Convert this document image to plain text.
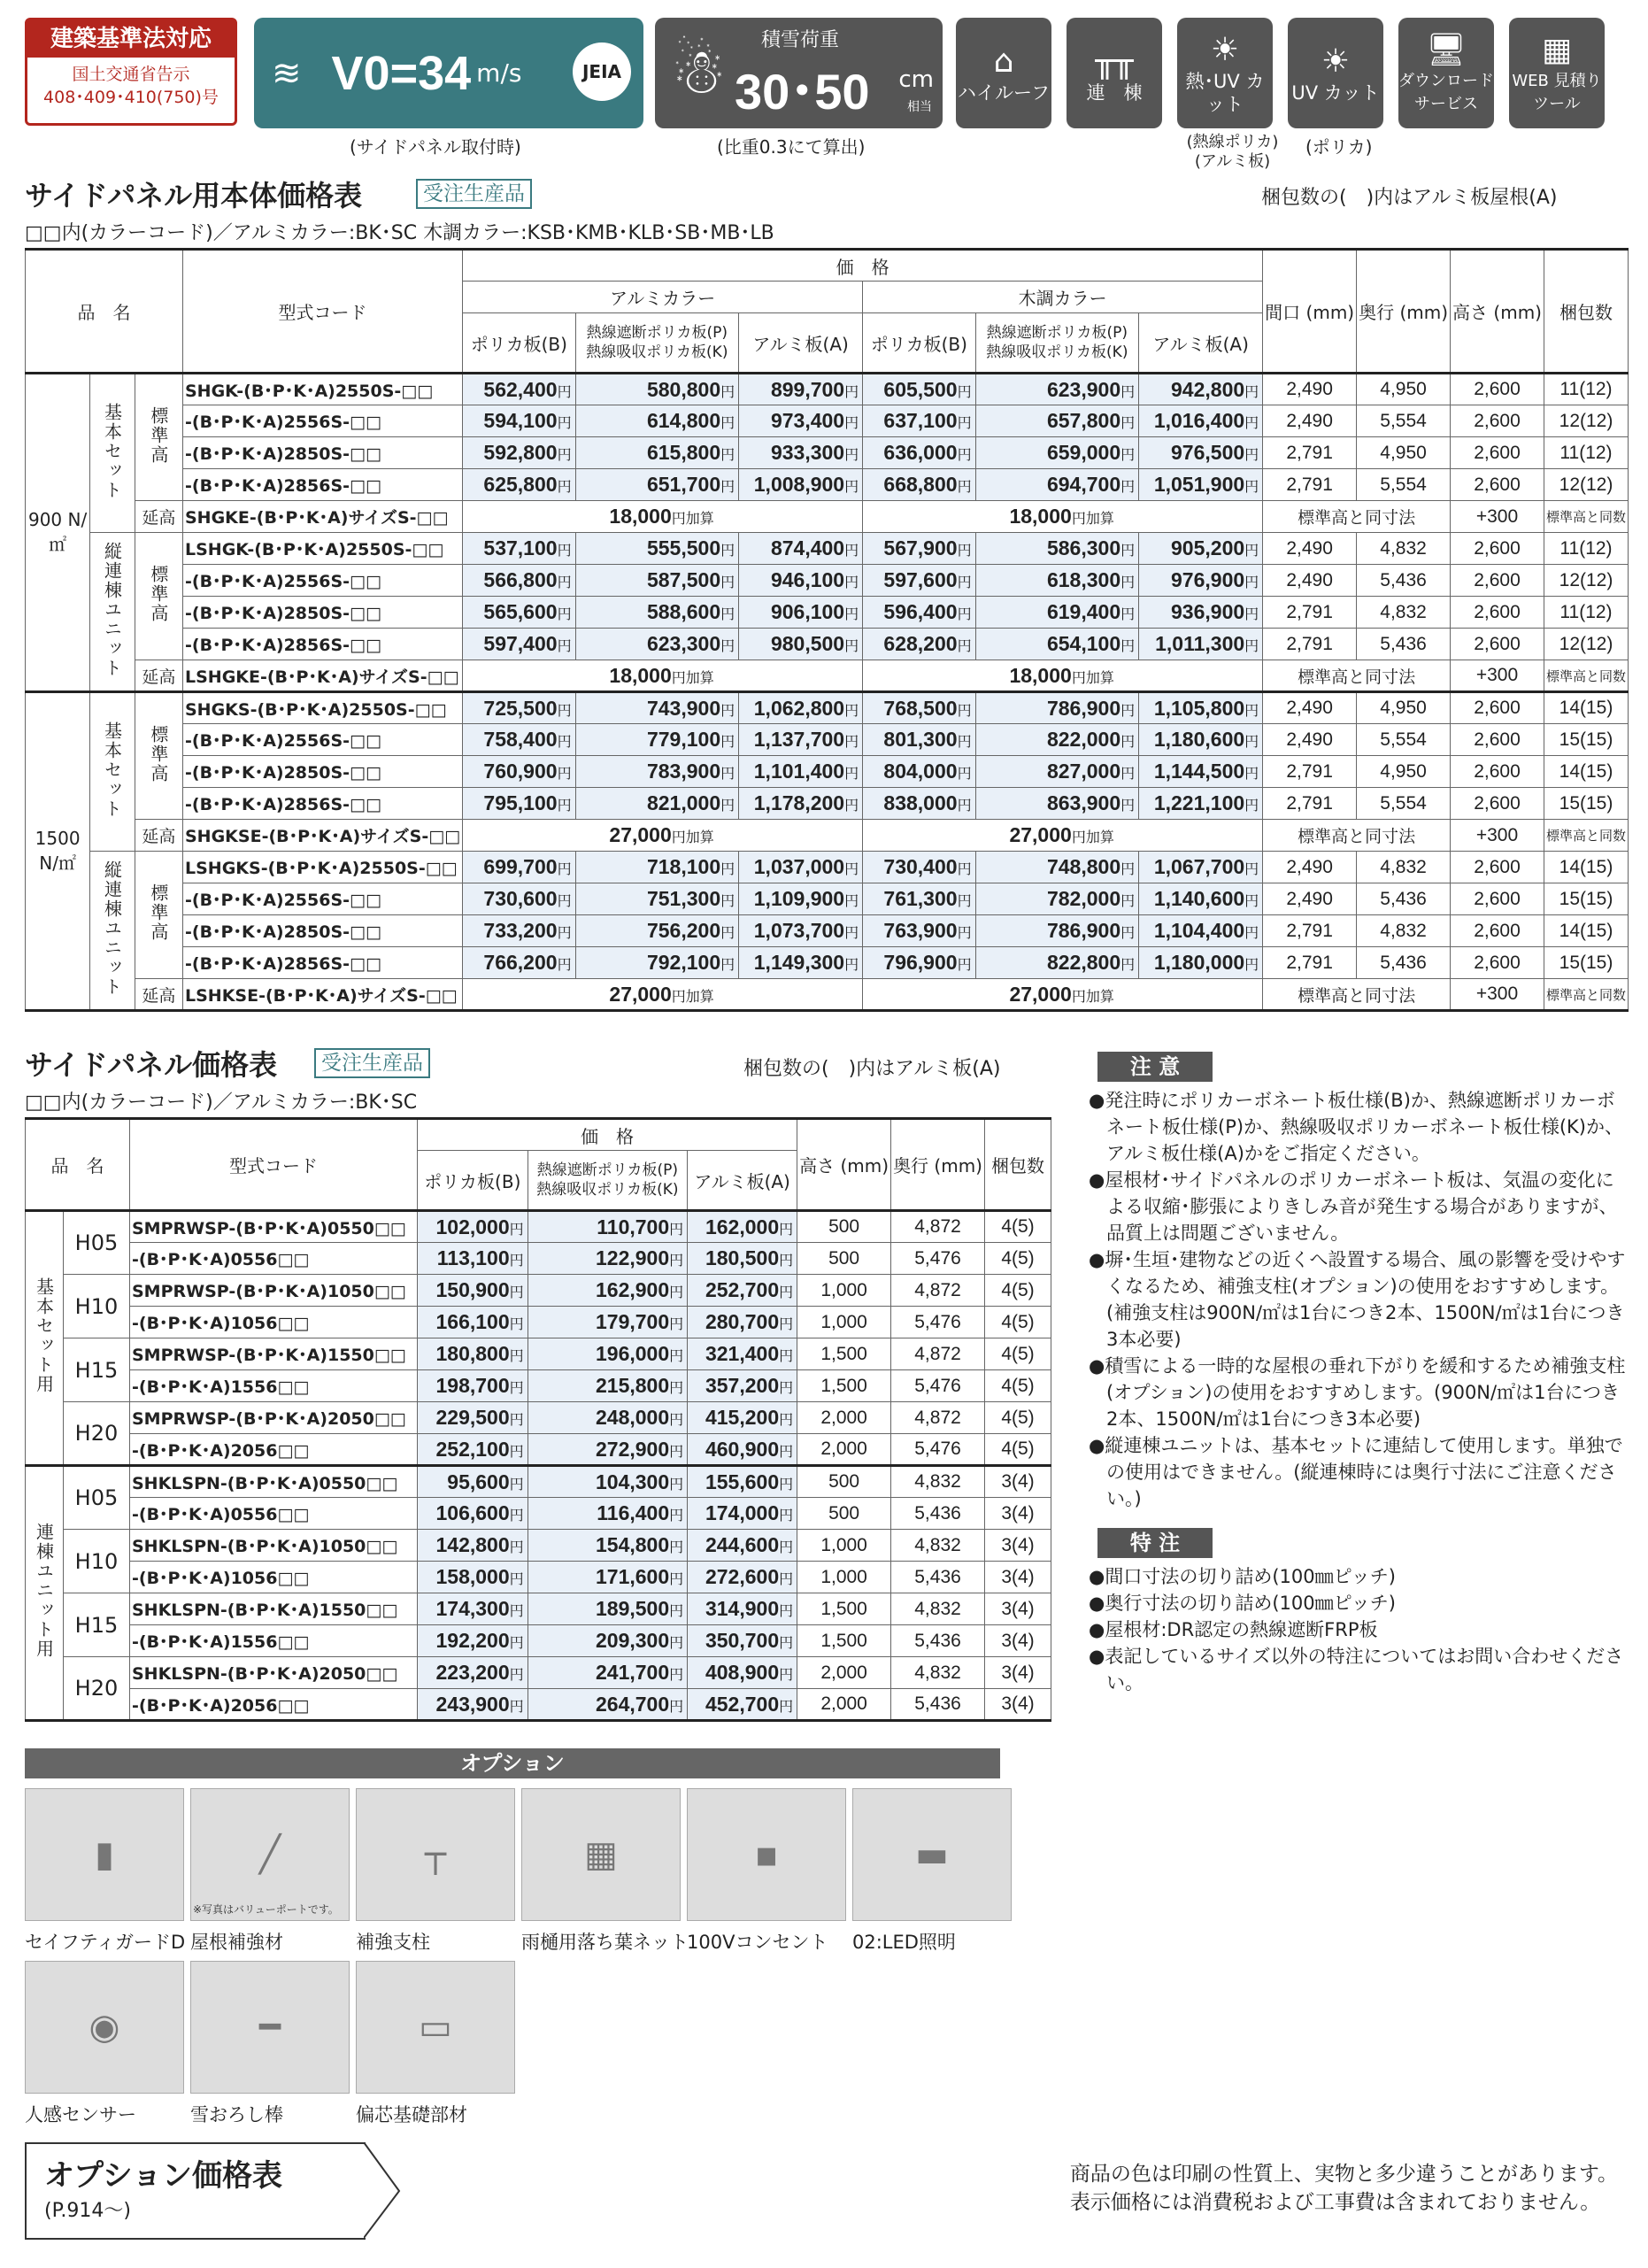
建築基準法対応
国土交通省告示
408･409･410(750)号
≋ V0=34 m/s	JEIA
(サイドパネル取付時)
☃ 積雪荷重
30･50 cm
相当
(比重0.3にて算出)
⌂
ハイルーフ
╥╥
連　棟
☀
熱･UV カット
☀
UV カット
🖥
ダウンロード サービス
▦
WEB 見積りツール
(熱線ポリカ)(アルミ板)
(ポリカ)
サイドパネル用本体価格表	受注生産品	梱包数の(　)内はアルミ板屋根(A)
□□内(カラーコード)／アルミカラー:BK･SC 木調カラー:KSB･KMB･KLB･SB･MB･LB
品　名			型式コード	価　格						間口 (mm)	奥行 (mm)	高さ (mm)	梱包数
				アルミカラー			木調カラー						
				ポリカ板(B)	熱線遮断ポリカ板(P)
熱線吸収ポリカ板(K)	アルミ板(A)	ポリカ板(B)	熱線遮断ポリカ板(P)
熱線吸収ポリカ板(K)	アルミ板(A)				
900 N/㎡	基本セット	標準高	SHGK-(B･P･K･A)2550S-□□	562,400円	580,800円	899,700円	605,500円	623,900円	942,800円	2,490	4,950	2,600	11(12)
			-(B･P･K･A)2556S-□□	594,100円	614,800円	973,400円	637,100円	657,800円	1,016,400円	2,490	5,554	2,600	12(12)
			-(B･P･K･A)2850S-□□	592,800円	615,800円	933,300円	636,000円	659,000円	976,500円	2,791	4,950	2,600	11(12)
			-(B･P･K･A)2856S-□□	625,800円	651,700円	1,008,900円	668,800円	694,700円	1,051,900円	2,791	5,554	2,600	12(12)
		延高	SHGKE-(B･P･K･A)サイズS-□□	18,000円加算			18,000円加算			標準高と同寸法		+300	標準高と同数
	縦連棟ユニット	標準高	LSHGK-(B･P･K･A)2550S-□□	537,100円	555,500円	874,400円	567,900円	586,300円	905,200円	2,490	4,832	2,600	11(12)
			-(B･P･K･A)2556S-□□	566,800円	587,500円	946,100円	597,600円	618,300円	976,900円	2,490	5,436	2,600	12(12)
			-(B･P･K･A)2850S-□□	565,600円	588,600円	906,100円	596,400円	619,400円	936,900円	2,791	4,832	2,600	11(12)
			-(B･P･K･A)2856S-□□	597,400円	623,300円	980,500円	628,200円	654,100円	1,011,300円	2,791	5,436	2,600	12(12)
		延高	LSHGKE-(B･P･K･A)サイズS-□□	18,000円加算			18,000円加算			標準高と同寸法		+300	標準高と同数
1500 N/㎡	基本セット	標準高	SHGKS-(B･P･K･A)2550S-□□	725,500円	743,900円	1,062,800円	768,500円	786,900円	1,105,800円	2,490	4,950	2,600	14(15)
			-(B･P･K･A)2556S-□□	758,400円	779,100円	1,137,700円	801,300円	822,000円	1,180,600円	2,490	5,554	2,600	15(15)
			-(B･P･K･A)2850S-□□	760,900円	783,900円	1,101,400円	804,000円	827,000円	1,144,500円	2,791	4,950	2,600	14(15)
			-(B･P･K･A)2856S-□□	795,100円	821,000円	1,178,200円	838,000円	863,900円	1,221,100円	2,791	5,554	2,600	15(15)
		延高	SHGKSE-(B･P･K･A)サイズS-□□	27,000円加算			27,000円加算			標準高と同寸法		+300	標準高と同数
	縦連棟ユニット	標準高	LSHGKS-(B･P･K･A)2550S-□□	699,700円	718,100円	1,037,000円	730,400円	748,800円	1,067,700円	2,490	4,832	2,600	14(15)
			-(B･P･K･A)2556S-□□	730,600円	751,300円	1,109,900円	761,300円	782,000円	1,140,600円	2,490	5,436	2,600	15(15)
			-(B･P･K･A)2850S-□□	733,200円	756,200円	1,073,700円	763,900円	786,900円	1,104,400円	2,791	4,832	2,600	14(15)
			-(B･P･K･A)2856S-□□	766,200円	792,100円	1,149,300円	796,900円	822,800円	1,180,000円	2,791	5,436	2,600	15(15)
		延高	LSHKSE-(B･P･K･A)サイズS-□□	27,000円加算			27,000円加算			標準高と同寸法		+300	標準高と同数
サイドパネル価格表	受注生産品	梱包数の(　)内はアルミ板(A)
□□内(カラーコード)／アルミカラー:BK･SC
品　名		型式コード	価　格			高さ (mm)	奥行 (mm)	梱包数
			ポリカ板(B)	熱線遮断ポリカ板(P)
熱線吸収ポリカ板(K)	アルミ板(A)			
基本セット用	H05	SMPRWSP-(B･P･K･A)0550□□	102,000円	110,700円	162,000円	500	4,872	4(5)
		-(B･P･K･A)0556□□	113,100円	122,900円	180,500円	500	5,476	4(5)
	H10	SMPRWSP-(B･P･K･A)1050□□	150,900円	162,900円	252,700円	1,000	4,872	4(5)
		-(B･P･K･A)1056□□	166,100円	179,700円	280,700円	1,000	5,476	4(5)
	H15	SMPRWSP-(B･P･K･A)1550□□	180,800円	196,000円	321,400円	1,500	4,872	4(5)
		-(B･P･K･A)1556□□	198,700円	215,800円	357,200円	1,500	5,476	4(5)
	H20	SMPRWSP-(B･P･K･A)2050□□	229,500円	248,000円	415,200円	2,000	4,872	4(5)
		-(B･P･K･A)2056□□	252,100円	272,900円	460,900円	2,000	5,476	4(5)
連棟ユニット用	H05	SHKLSPN-(B･P･K･A)0550□□	95,600円	104,300円	155,600円	500	4,832	3(4)
		-(B･P･K･A)0556□□	106,600円	116,400円	174,000円	500	5,436	3(4)
	H10	SHKLSPN-(B･P･K･A)1050□□	142,800円	154,800円	244,600円	1,000	4,832	3(4)
		-(B･P･K･A)1056□□	158,000円	171,600円	272,600円	1,000	5,436	3(4)
	H15	SHKLSPN-(B･P･K･A)1550□□	174,300円	189,500円	314,900円	1,500	4,832	3(4)
		-(B･P･K･A)1556□□	192,200円	209,300円	350,700円	1,500	5,436	3(4)
	H20	SHKLSPN-(B･P･K･A)2050□□	223,200円	241,700円	408,900円	2,000	4,832	3(4)
		-(B･P･K･A)2056□□	243,900円	264,700円	452,700円	2,000	5,436	3(4)
注 意
●発注時にポリカーボネート板仕様(B)か、熱線遮断ポリカーボネート板仕様(P)か、熱線吸収ポリカーボネート板仕様(K)か、アルミ板仕様(A)かをご指定ください。
●屋根材･サイドパネルのポリカーボネート板は、気温の変化による収縮･膨張によりきしみ音が発生する場合がありますが、品質上は問題ございません。
●塀･生垣･建物などの近くへ設置する場合、風の影響を受けやすくなるため、補強支柱(オプション)の使用をおすすめします。(補強支柱は900N/㎡は1台につき2本、1500N/㎡は1台につき3本必要)
●積雪による一時的な屋根の垂れ下がりを緩和するため補強支柱(オプション)の使用をおすすめします。(900N/㎡は1台につき2本、1500N/㎡は1台につき3本必要)
●縦連棟ユニットは、基本セットに連結して使用します。単独での使用はできません。(縦連棟時には奥行寸法にご注意ください。)
特 注
●間口寸法の切り詰め(100㎜ピッチ)
●奥行寸法の切り詰め(100㎜ピッチ)
●屋根材:DR認定の熱線遮断FRP板
●表記しているサイズ以外の特注についてはお問い合わせください。
オプション
▮
セイフティガードD
╱
屋根補強材
┬
補強支柱
▦
雨樋用落ち葉ネット
▪
100Vコンセント
▬
02:LED照明
◉
人感センサー
━
雪おろし棒
▭
偏芯基礎部材
※写真はバリューポートです。
オプション価格表
(P.914〜)
商品の色は印刷の性質上、実物と多少違うことがあります。
表示価格には消費税および工事費は含まれておりません。
